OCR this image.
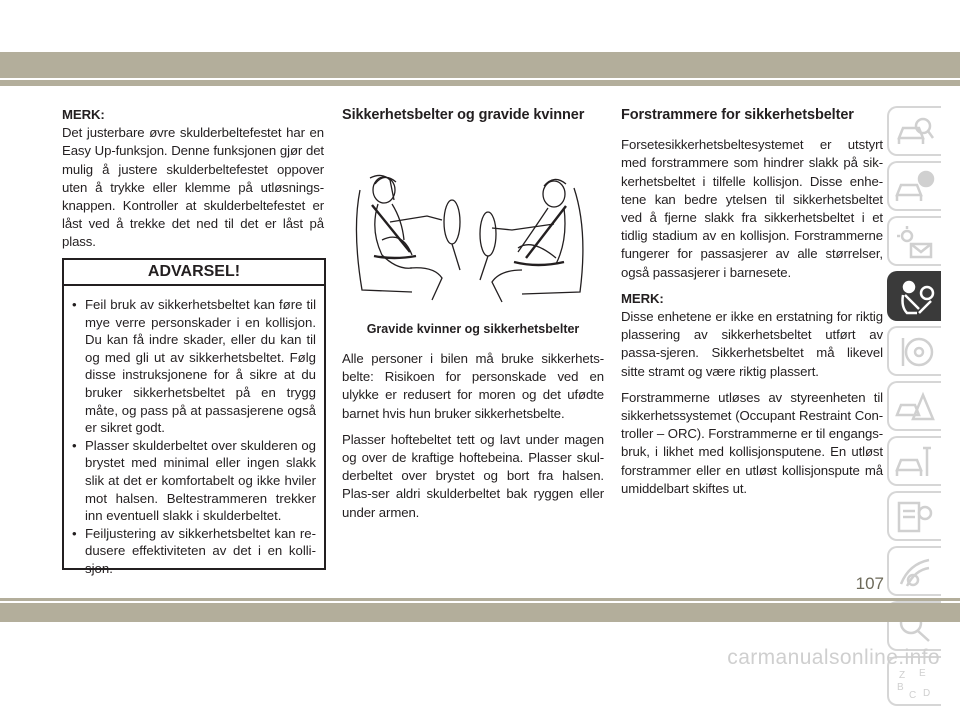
MERK:
Det justerbare øvre skulderbeltefestet har en Easy Up-funksjon. Denne funksjonen gjør det mulig å justere skulderbeltefestet oppover uten å trykke eller klemme på utløsnings-knappen. Kontroller at skulderbeltefestet er låst ved å trekke det ned til det er låst på plass.

ADVARSEL!
• Feil bruk av sikkerhetsbeltet kan føre til mye verre personskader i en kollisjon. Du kan få indre skader, eller du kan til og med gli ut av sikkerhetsbeltet. Følg disse instruksjonene for å sikre at du bruker sikkerhetsbeltet på en trygg måte, og pass på at passasjerene også er sikret godt.
• Plasser skulderbeltet over skulderen og brystet med minimal eller ingen slakk slik at det er komfortabelt og ikke hviler mot halsen. Beltestrammeren trekker inn eventuell slakk i skulderbeltet.
• Feiljustering av sikkerhetsbeltet kan re-dusere effektiviteten av det i en kolli-sjon.
Sikkerhetsbelter og gravide kvinner
Gravide kvinner og sikkerhetsbelter

Alle personer i bilen må bruke sikkerhets-belte: Risikoen for personskade ved en ulykke er redusert for moren og det ufødte barnet hvis hun bruker sikkerhetsbelte.

Plasser hoftebeltet tett og lavt under magen og over de kraftige hoftebeina. Plasser skul-derbeltet over brystet og bort fra halsen. Plas-ser aldri skulderbeltet bak ryggen eller under armen.

Forstrammere for sikkerhetsbelter

Forsetesikkerhetsbeltesystemet er utstyrt med forstrammere som hindrer slakk på sik-kerhetsbeltet i tilfelle kollisjon. Disse enhe-tene kan bedre ytelsen til sikkerhetsbeltet ved å fjerne slakk fra sikkerhetsbeltet i et tidlig stadium av en kollisjon. Forstrammerne fungerer for passasjerer av alle størrelser, også passasjerer i barnesete.

MERK:
Disse enhetene er ikke en erstatning for riktig plassering av sikkerhetsbeltet utført av passa-sjeren. Sikkerhetsbeltet må likevel sitte stramt og være riktig plassert.

Forstrammerne utløses av styreenheten til sikkerhetssystemet (Occupant Restraint Con-troller – ORC). Forstrammerne er til engangs-bruk, i likhet med kollisjonsputene. En utløst forstrammer eller en utløst kollisjonspute må umiddelbart skiftes ut.

Z E
B
C D
107
carmanualsonline.info
